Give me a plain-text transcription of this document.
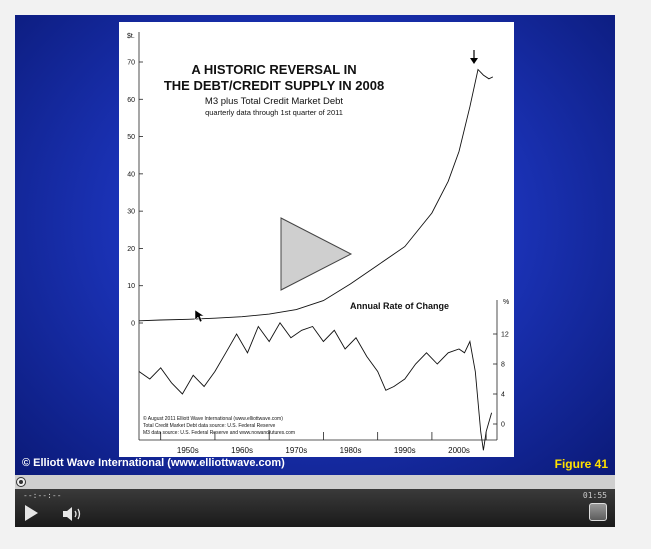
0
10
20
30
40
50
60
70
0
4
8
12
1950s	1960s	1970s	1980s	1990s	2000s
$t.
%
A HISTORIC REVERSAL IN
THE DEBT/CREDIT SUPPLY IN 2008
M3 plus Total Credit Market Debt
quarterly data through 1st quarter of 2011
Annual Rate of Change
© August 2011 Elliott Wave International (www.elliottwave.com)
Total Credit Market Debt data source: U.S. Federal Reserve
M3 data source: U.S. Federal Reserve and www.nowandfutures.com
© Elliott Wave International (www.elliottwave.com)	Figure 41
--:--:--	01:55
